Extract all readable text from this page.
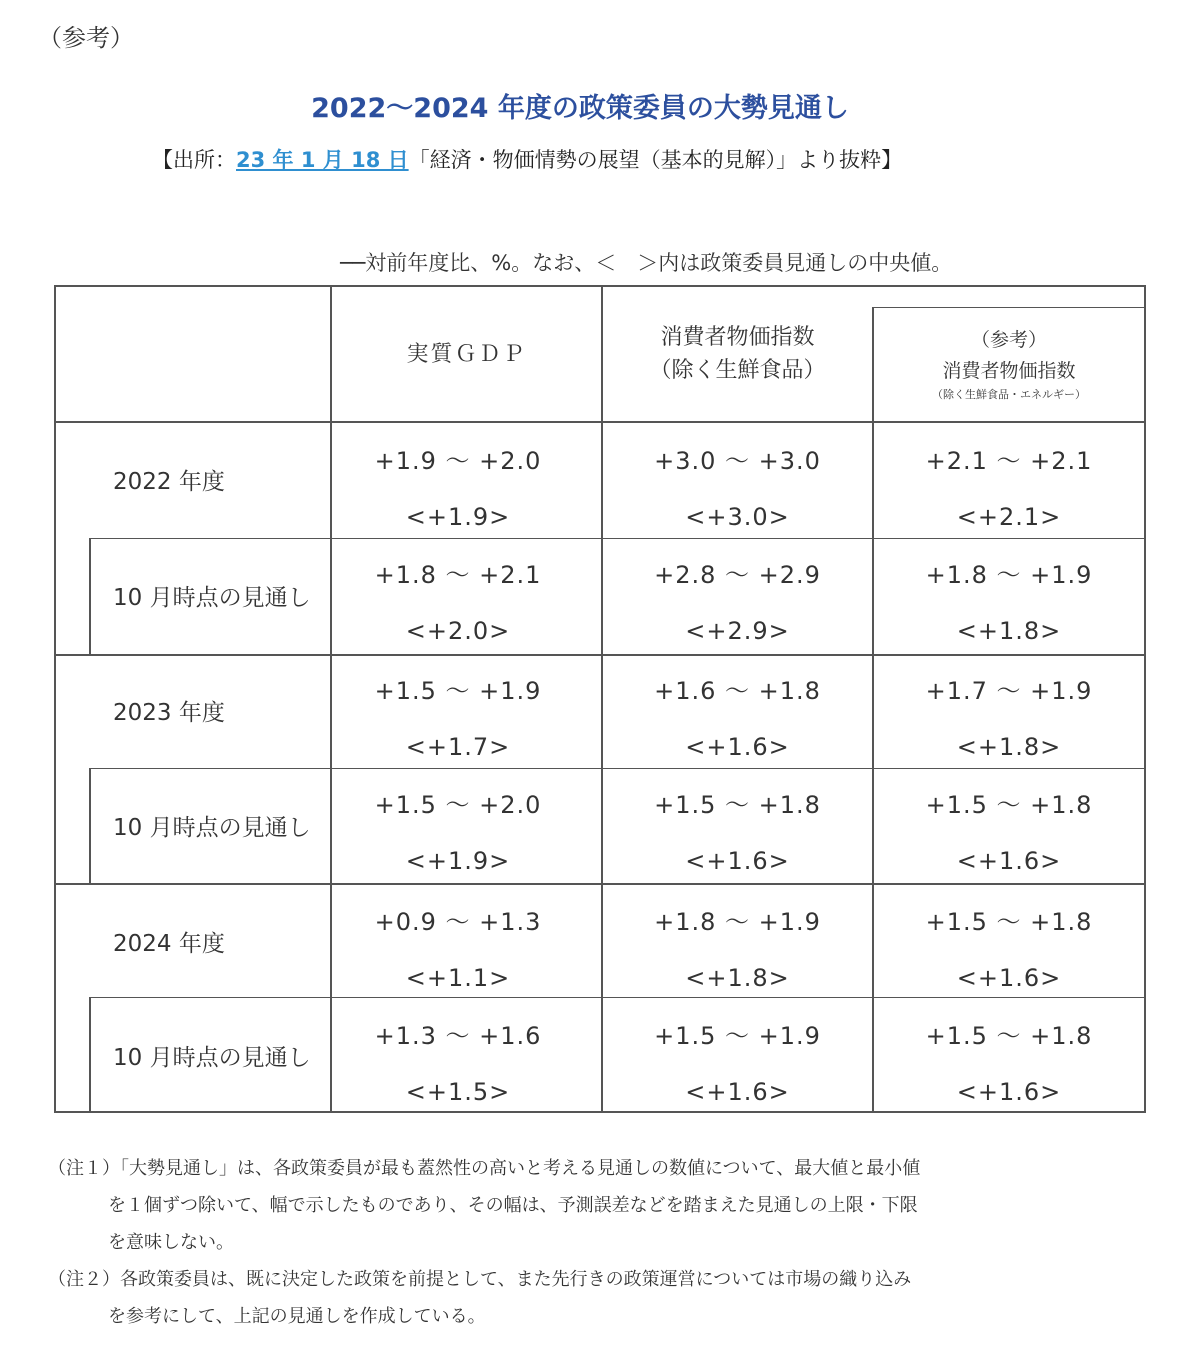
（参考）
2022～2024 年度の政策委員の大勢見通し
【出所：23 年 1 月 18 日「経済・物価情勢の展望（基本的見解）」より抜粋】
──対前年度比、%。なお、＜　＞内は政策委員見通しの中央値。
実質ＧＤＰ
消費者物価指数
（除く生鮮食品）
（参考）
消費者物価指数
（除く生鮮食品・エネルギー）
2022 年度
10 月時点の見通し
2023 年度
10 月時点の見通し
2024 年度
10 月時点の見通し
+1.9 ～ +2.0
<+1.9>
+3.0 ～ +3.0
<+3.0>
+2.1 ～ +2.1
<+2.1>
+1.8 ～ +2.1
<+2.0>
+2.8 ～ +2.9
<+2.9>
+1.8 ～ +1.9
<+1.8>
+1.5 ～ +1.9
<+1.7>
+1.6 ～ +1.8
<+1.6>
+1.7 ～ +1.9
<+1.8>
+1.5 ～ +2.0
<+1.9>
+1.5 ～ +1.8
<+1.6>
+1.5 ～ +1.8
<+1.6>
+0.9 ～ +1.3
<+1.1>
+1.8 ～ +1.9
<+1.8>
+1.5 ～ +1.8
<+1.6>
+1.3 ～ +1.6
<+1.5>
+1.5 ～ +1.9
<+1.6>
+1.5 ～ +1.8
<+1.6>
（注１）「大勢見通し」は、各政策委員が最も蓋然性の高いと考える見通しの数値について、最大値と最小値
を１個ずつ除いて、幅で示したものであり、その幅は、予測誤差などを踏まえた見通しの上限・下限
を意味しない。
（注２）各政策委員は、既に決定した政策を前提として、また先行きの政策運営については市場の織り込み
を参考にして、上記の見通しを作成している。
